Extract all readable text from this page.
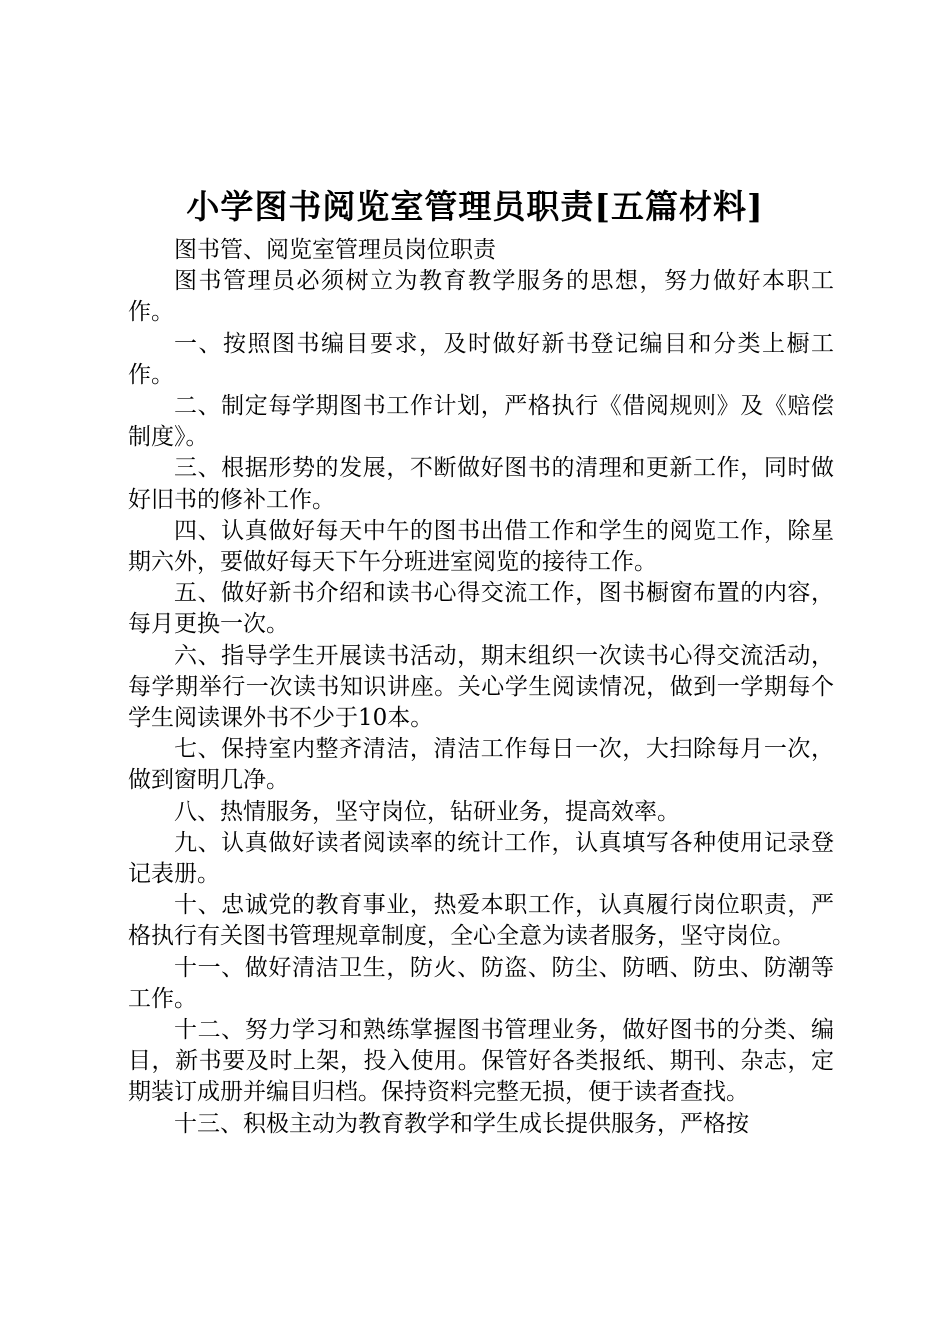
小学图书阅览室管理员职责[五篇材料]

图书管、阅览室管理员岗位职责

图书管理员必须树立为教育教学服务的思想，努力做好本职工作。

一、按照图书编目要求，及时做好新书登记编目和分类上橱工作。

二、制定每学期图书工作计划，严格执行《借阅规则》及《赔偿制度》。

三、根据形势的发展，不断做好图书的清理和更新工作，同时做好旧书的修补工作。

四、认真做好每天中午的图书出借工作和学生的阅览工作，除星期六外，要做好每天下午分班进室阅览的接待工作。

五、做好新书介绍和读书心得交流工作，图书橱窗布置的内容，每月更换一次。

六、指导学生开展读书活动，期末组织一次读书心得交流活动，每学期举行一次读书知识讲座。关心学生阅读情况，做到一学期每个学生阅读课外书不少于10本。

七、保持室内整齐清洁，清洁工作每日一次，大扫除每月一次，做到窗明几净。

八、热情服务，坚守岗位，钻研业务，提高效率。

九、认真做好读者阅读率的统计工作，认真填写各种使用记录登记表册。

十、忠诚党的教育事业，热爱本职工作，认真履行岗位职责，严格执行有关图书管理规章制度，全心全意为读者服务，坚守岗位。

十一、做好清洁卫生，防火、防盗、防尘、防晒、防虫、防潮等工作。

十二、努力学习和熟练掌握图书管理业务，做好图书的分类、编目，新书要及时上架，投入使用。保管好各类报纸、期刊、杂志，定期装订成册并编目归档。保持资料完整无损，便于读者查找。

十三、积极主动为教育教学和学生成长提供服务，严格按
